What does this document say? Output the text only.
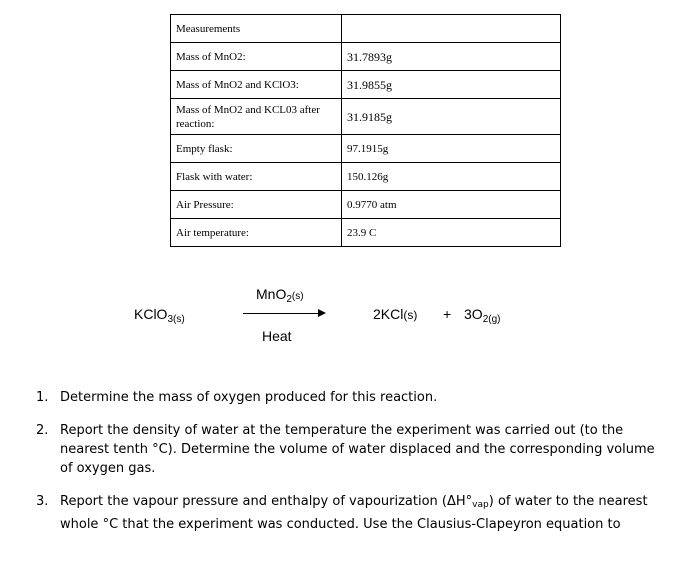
Measurements	
Mass of MnO2:	31.7893g
Mass of MnO2 and KClO3:	31.9855g
Mass of MnO2 and KCL03 after reaction:	31.9185g
Empty flask:	97.1915g
Flask with water:	150.126g
Air Pressure:	0.9770 atm
Air temperature:	23.9 C
KClO$_{3(s)}$
MnO$_2$(s)
Heat
$2KCl(s) + 3O_{2(g)}$
1. Determine the mass of oxygen produced for this reaction.
2. Report the density of water at the temperature the experiment was carried out (to the nearest tenth °C). Determine the volume of water displaced and the corresponding volume of oxygen gas.
3. Report the vapour pressure and enthalpy of vapourization (ΔH°vap) of water to the nearest whole °C that the experiment was conducted. Use the Clausius-Clapeyron equation to
